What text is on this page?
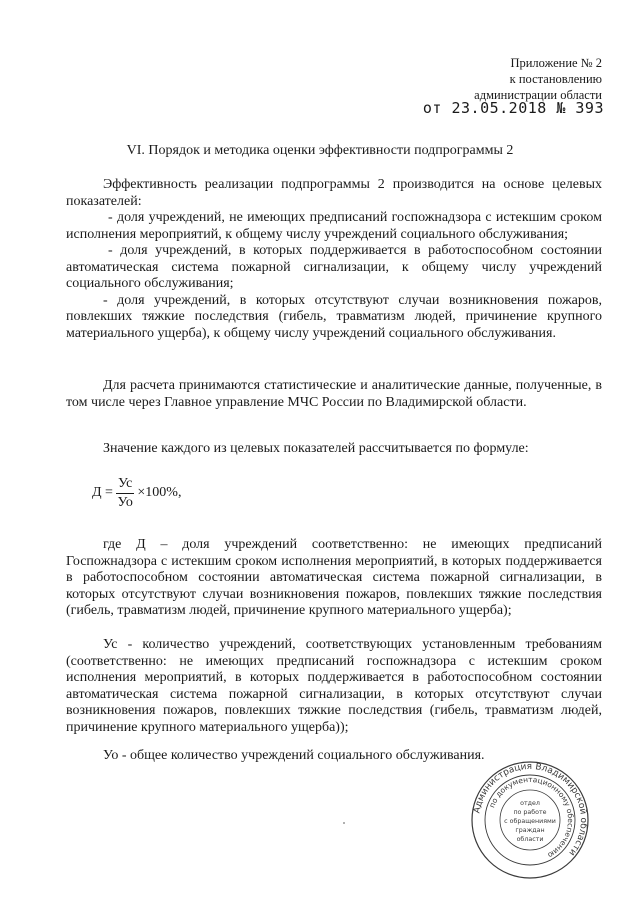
Приложение № 2
к постановлению
администрации области
от 23.05.2018 № 393
VI. Порядок и методика оценки эффективности подпрограммы 2

Эффективность реализации подпрограммы 2 производится на основе целевых показателей:

- доля учреждений, не имеющих предписаний госпожнадзора с истекшим сроком исполнения мероприятий, к общему числу учреждений социального обслуживания;

- доля учреждений, в которых поддерживается в работоспособном состоянии автоматическая система пожарной сигнализации, к общему числу учреждений социального обслуживания;

- доля учреждений, в которых отсутствуют случаи возникновения пожаров, повлекших тяжкие последствия (гибель, травматизм людей, причинение крупного материального ущерба), к общему числу учреждений социального обслуживания.

Для расчета принимаются статистические и аналитические данные, полученные, в том числе через Главное управление МЧС России по Владимирской области.

Значение каждого из целевых показателей рассчитывается по формуле:

$Д = \frac{Ус}{Уо} \times 100\%$,

где Д – доля учреждений соответственно: не имеющих предписаний Госпожнадзора с истекшим сроком исполнения мероприятий, в которых поддерживается в работоспособном состоянии автоматическая система пожарной сигнализации, в которых отсутствуют случаи возникновения пожаров, повлекших тяжкие последствия (гибель, травматизм людей, причинение крупного материального ущерба);

Ус - количество учреждений, соответствующих установленным требованиям (соответственно: не имеющих предписаний госпожнадзора с истекшим сроком исполнения мероприятий, в которых поддерживается в работоспособном состоянии автоматическая система пожарной сигнализации, в которых отсутствуют случаи возникновения пожаров, повлекших тяжкие последствия (гибель, травматизм людей, причинение крупного материального ущерба));

Уо - общее количество учреждений социального обслуживания.

Администрация Владимирской области
по документационному обеспечению
отдел
по работе
с обращениями
граждан
области
